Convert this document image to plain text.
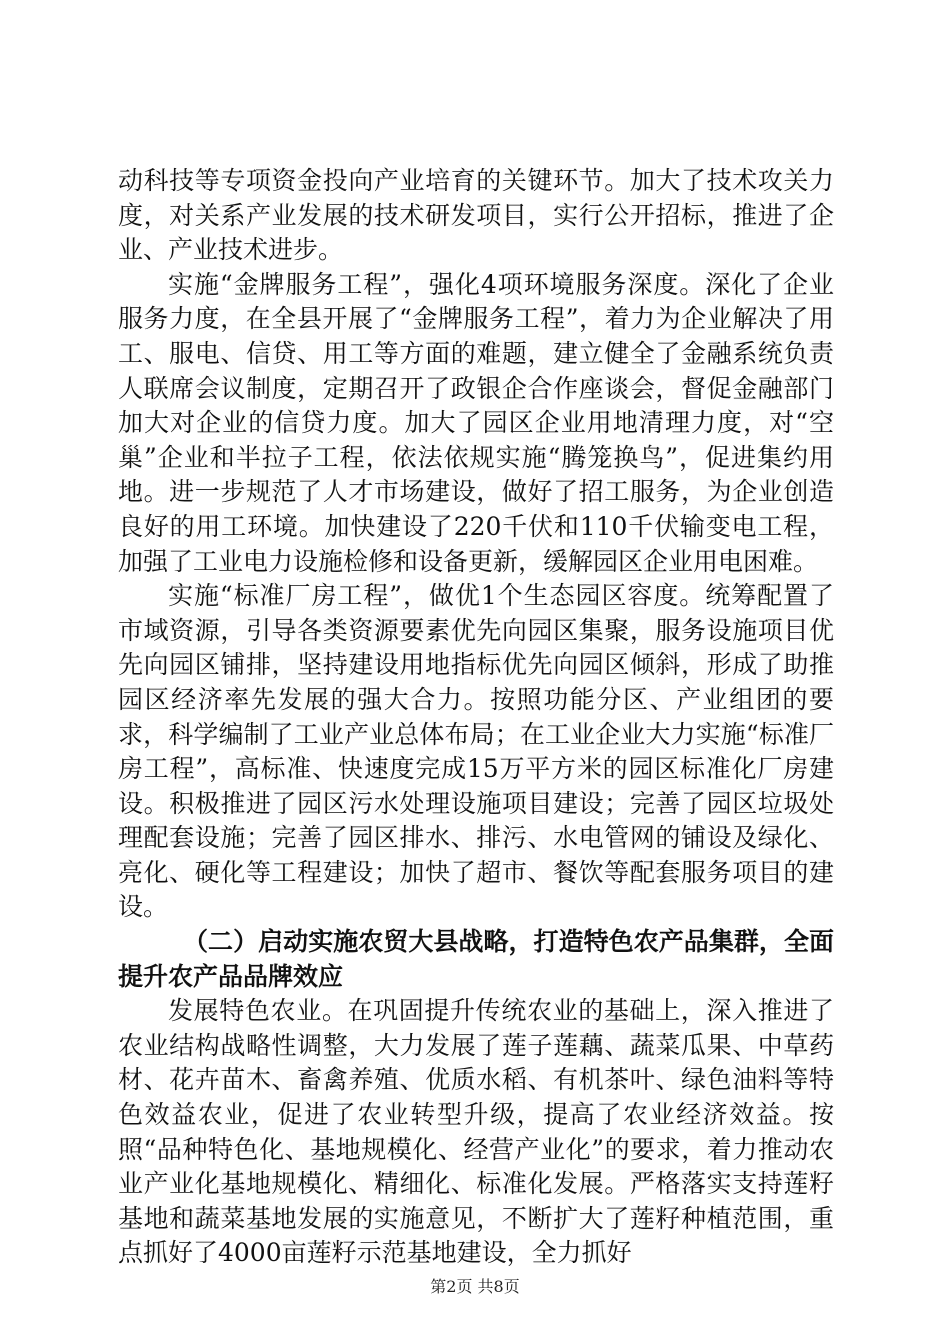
动科技等专项资金投向产业培育的关键环节。加大了技术攻关力度，对关系产业发展的技术研发项目，实行公开招标，推进了企业、产业技术进步。

实施“金牌服务工程”，强化4项环境服务深度。深化了企业服务力度，在全县开展了“金牌服务工程”，着力为企业解决了用工、服电、信贷、用工等方面的难题，建立健全了金融系统负责人联席会议制度，定期召开了政银企合作座谈会，督促金融部门加大对企业的信贷力度。加大了园区企业用地清理力度，对“空巢”企业和半拉子工程，依法依规实施“腾笼换鸟”，促进集约用地。进一步规范了人才市场建设，做好了招工服务，为企业创造良好的用工环境。加快建设了220千伏和110千伏输变电工程，加强了工业电力设施检修和设备更新，缓解园区企业用电困难。

实施“标准厂房工程”，做优1个生态园区容度。统筹配置了市域资源，引导各类资源要素优先向园区集聚，服务设施项目优先向园区铺排，坚持建设用地指标优先向园区倾斜，形成了助推园区经济率先发展的强大合力。按照功能分区、产业组团的要求，科学编制了工业产业总体布局；在工业企业大力实施“标准厂房工程”，高标准、快速度完成15万平方米的园区标准化厂房建设。积极推进了园区污水处理设施项目建设；完善了园区垃圾处理配套设施；完善了园区排水、排污、水电管网的铺设及绿化、亮化、硬化等工程建设；加快了超市、餐饮等配套服务项目的建设。

（二）启动实施农贸大县战略，打造特色农产品集群，全面提升农产品品牌效应

发展特色农业。在巩固提升传统农业的基础上，深入推进了农业结构战略性调整，大力发展了莲子莲藕、蔬菜瓜果、中草药材、花卉苗木、畜禽养殖、优质水稻、有机茶叶、绿色油料等特色效益农业，促进了农业转型升级，提高了农业经济效益。按照“品种特色化、基地规模化、经营产业化”的要求，着力推动农业产业化基地规模化、精细化、标准化发展。严格落实支持莲籽基地和蔬菜基地发展的实施意见，不断扩大了莲籽种植范围，重点抓好了4000亩莲籽示范基地建设，全力抓好

第2页 共8页
